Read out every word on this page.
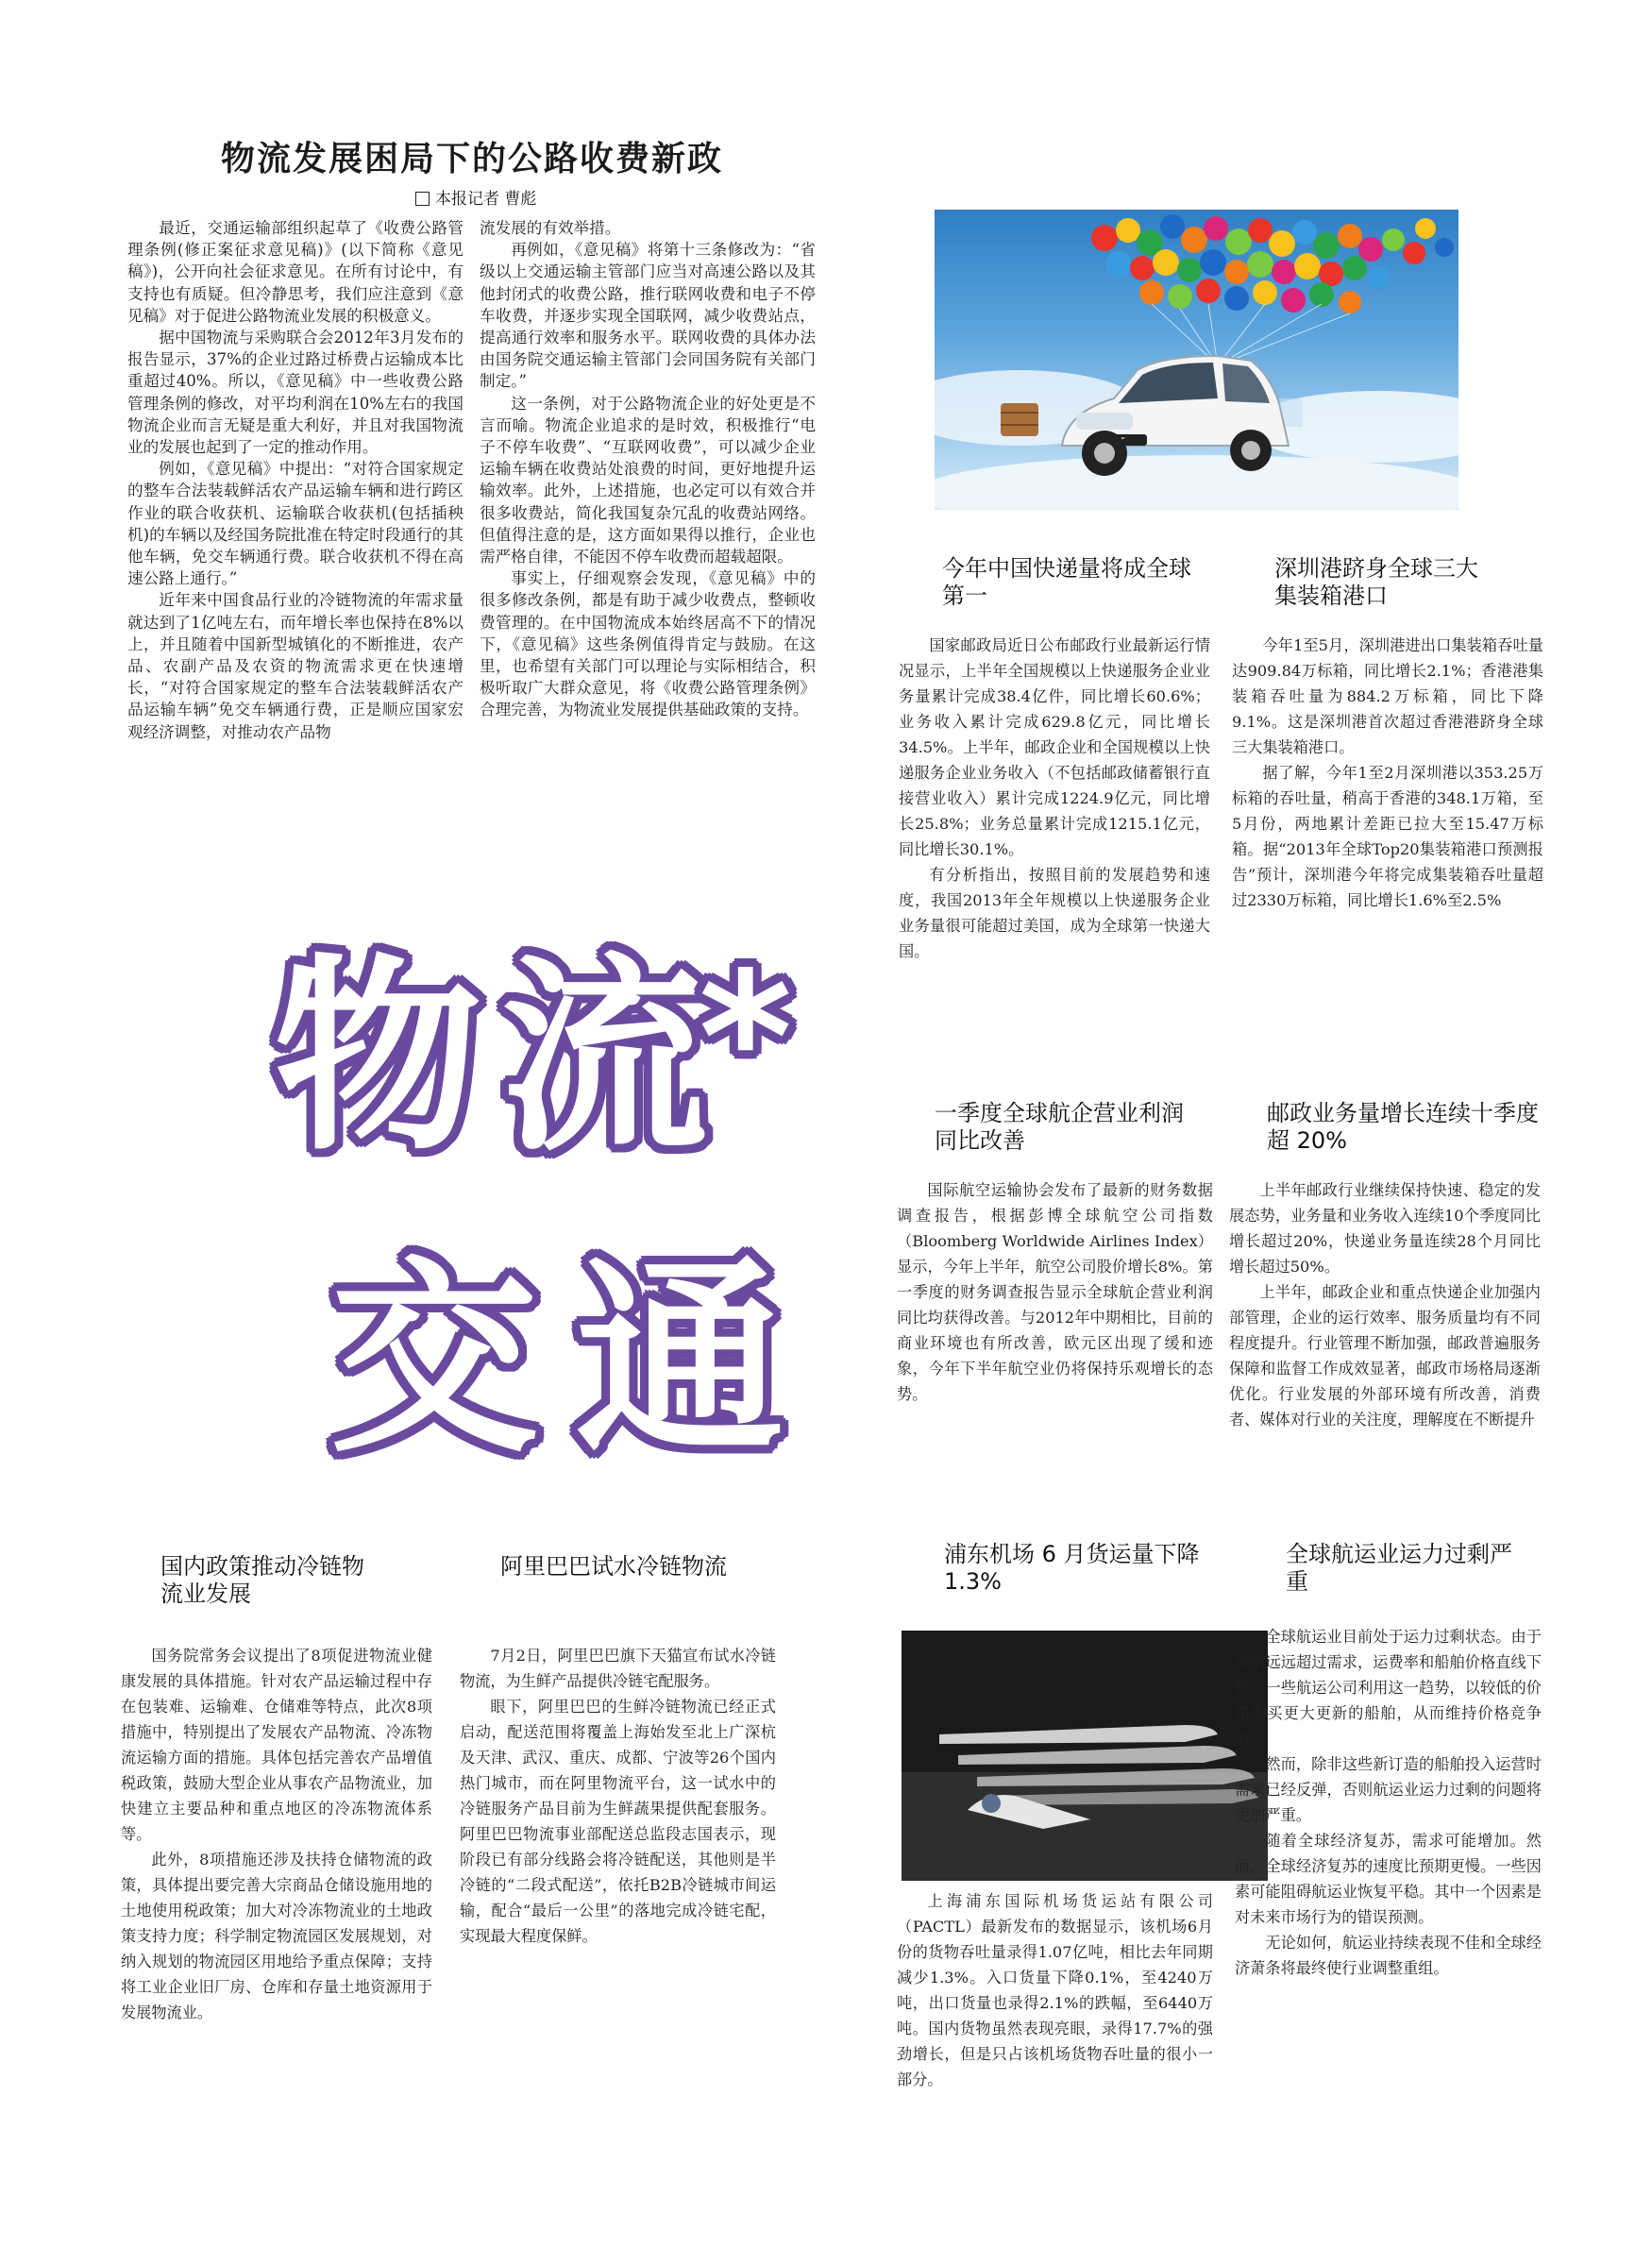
物流发展困局下的公路收费新政
本报记者 曹彪

最近，交通运输部组织起草了《收费公路管理条例(修正案征求意见稿)》(以下简称《意见稿》)，公开向社会征求意见。在所有讨论中，有支持也有质疑。但冷静思考，我们应注意到《意见稿》对于促进公路物流业发展的积极意义。

据中国物流与采购联合会2012年3月发布的报告显示，37%的企业过路过桥费占运输成本比重超过40%。所以，《意见稿》中一些收费公路管理条例的修改，对平均利润在10%左右的我国物流企业而言无疑是重大利好，并且对我国物流业的发展也起到了一定的推动作用。

例如，《意见稿》中提出：“对符合国家规定的整车合法装载鲜活农产品运输车辆和进行跨区作业的联合收获机、运输联合收获机(包括插秧机)的车辆以及经国务院批准在特定时段通行的其他车辆，免交车辆通行费。联合收获机不得在高速公路上通行。”

近年来中国食品行业的冷链物流的年需求量就达到了1亿吨左右，而年增长率也保持在8%以上，并且随着中国新型城镇化的不断推进，农产品、农副产品及农资的物流需求更在快速增长，“对符合国家规定的整车合法装载鲜活农产品运输车辆”免交车辆通行费，正是顺应国家宏观经济调整，对推动农产品物

流发展的有效举措。

再例如，《意见稿》将第十三条修改为：“省级以上交通运输主管部门应当对高速公路以及其他封闭式的收费公路，推行联网收费和电子不停车收费，并逐步实现全国联网，减少收费站点，提高通行效率和服务水平。联网收费的具体办法由国务院交通运输主管部门会同国务院有关部门制定。”

这一条例，对于公路物流企业的好处更是不言而喻。物流企业追求的是时效，积极推行“电子不停车收费”、“互联网收费”，可以减少企业运输车辆在收费站处浪费的时间，更好地提升运输效率。此外，上述措施，也必定可以有效合并很多收费站，简化我国复杂冗乱的收费站网络。但值得注意的是，这方面如果得以推行，企业也需严格自律，不能因不停车收费而超载超限。

事实上，仔细观察会发现，《意见稿》中的很多修改条例，都是有助于减少收费点，整顿收费管理的。在中国物流成本始终居高不下的情况下，《意见稿》这些条例值得肯定与鼓励。在这里，也希望有关部门可以理论与实际相结合，积极听取广大群众意见，将《收费公路管理条例》合理完善，为物流业发展提供基础政策的支持。

物流
*
交通
今年中国快递量将成全球第一

国家邮政局近日公布邮政行业最新运行情况显示，上半年全国规模以上快递服务企业业务量累计完成38.4亿件，同比增长60.6%；业务收入累计完成629.8亿元，同比增长34.5%。上半年，邮政企业和全国规模以上快递服务企业业务收入（不包括邮政储蓄银行直接营业收入）累计完成1224.9亿元，同比增长25.8%；业务总量累计完成1215.1亿元，同比增长30.1%。

有分析指出，按照目前的发展趋势和速度，我国2013年全年规模以上快递服务企业业务量很可能超过美国，成为全球第一快递大国。

深圳港跻身全球三大集装箱港口

今年1至5月，深圳港进出口集装箱吞吐量达909.84万标箱，同比增长2.1%；香港港集装箱吞吐量为884.2万标箱，同比下降9.1%。这是深圳港首次超过香港港跻身全球三大集装箱港口。

据了解，今年1至2月深圳港以353.25万标箱的吞吐量，稍高于香港的348.1万箱，至5月份，两地累计差距已拉大至15.47万标箱。据“2013年全球Top20集装箱港口预测报告”预计，深圳港今年将完成集装箱吞吐量超过2330万标箱，同比增长1.6%至2.5%

一季度全球航企营业利润同比改善

国际航空运输协会发布了最新的财务数据调查报告，根据彭博全球航空公司指数（Bloomberg Worldwide Airlines Index）显示，今年上半年，航空公司股价增长8%。第一季度的财务调查报告显示全球航企营业利润同比均获得改善。与2012年中期相比，目前的商业环境也有所改善，欧元区出现了缓和迹象，今年下半年航空业仍将保持乐观增长的态势。

邮政业务量增长连续十季度超 20%

上半年邮政行业继续保持快速、稳定的发展态势，业务量和业务收入连续10个季度同比增长超过20%，快递业务量连续28个月同比增长超过50%。

上半年，邮政企业和重点快递企业加强内部管理，企业的运行效率、服务质量均有不同程度提升。行业管理不断加强，邮政普遍服务保障和监督工作成效显著，邮政市场格局逐渐优化。行业发展的外部环境有所改善，消费者、媒体对行业的关注度，理解度在不断提升

浦东机场 6 月货运量下降 1.3%

上海浦东国际机场货运站有限公司（PACTL）最新发布的数据显示，该机场6月份的货物吞吐量录得1.07亿吨，相比去年同期减少1.3%。入口货量下降0.1%，至4240万吨，出口货量也录得2.1%的跌幅，至6440万吨。国内货物虽然表现亮眼，录得17.7%的强劲增长，但是只占该机场货物吞吐量的很小一部分。

全球航运业运力过剩严重

全球航运业目前处于运力过剩状态。由于供给远远超过需求，运费率和船舶价格直线下跌。一些航运公司利用这一趋势，以较低的价格购买更大更新的船舶，从而维持价格竞争力。

然而，除非这些新订造的船舶投入运营时需求已经反弹，否则航运业运力过剩的问题将更加严重。

随着全球经济复苏，需求可能增加。然而，全球经济复苏的速度比预期更慢。一些因素可能阻碍航运业恢复平稳。其中一个因素是对未来市场行为的错误预测。

无论如何，航运业持续表现不佳和全球经济萧条将最终使行业调整重组。

国内政策推动冷链物流业发展

国务院常务会议提出了8项促进物流业健康发展的具体措施。针对农产品运输过程中存在包装难、运输难、仓储难等特点，此次8项措施中，特别提出了发展农产品物流、冷冻物流运输方面的措施。具体包括完善农产品增值税政策，鼓励大型企业从事农产品物流业，加快建立主要品种和重点地区的冷冻物流体系等。

此外，8项措施还涉及扶持仓储物流的政策，具体提出要完善大宗商品仓储设施用地的土地使用税政策；加大对冷冻物流业的土地政策支持力度；科学制定物流园区发展规划，对纳入规划的物流园区用地给予重点保障；支持将工业企业旧厂房、仓库和存量土地资源用于发展物流业。

阿里巴巴试水冷链物流

7月2日，阿里巴巴旗下天猫宣布试水冷链物流，为生鲜产品提供冷链宅配服务。

眼下，阿里巴巴的生鲜冷链物流已经正式启动，配送范围将覆盖上海始发至北上广深杭及天津、武汉、重庆、成都、宁波等26个国内热门城市，而在阿里物流平台，这一试水中的冷链服务产品目前为生鲜蔬果提供配套服务。阿里巴巴物流事业部配送总监段志国表示，现阶段已有部分线路会将冷链配送，其他则是半冷链的“二段式配送”，依托B2B冷链城市间运输，配合“最后一公里”的落地完成冷链宅配，实现最大程度保鲜。
